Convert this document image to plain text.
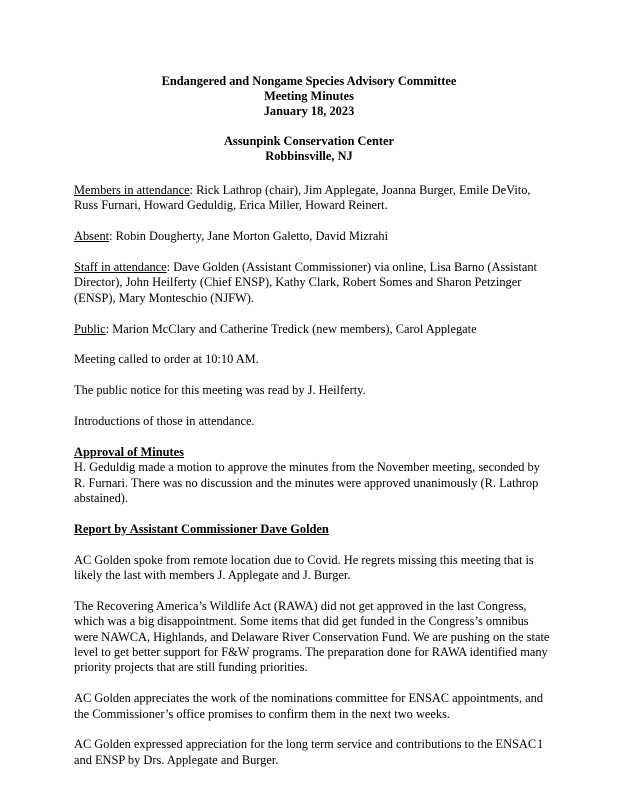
Endangered and Nongame Species Advisory Committee
Meeting Minutes
January 18, 2023
Assunpink Conservation Center
Robbinsville, NJ

Members in attendance: Rick Lathrop (chair), Jim Applegate, Joanna Burger, Emile DeVito, Russ Furnari, Howard Geduldig, Erica Miller, Howard Reinert.

Absent: Robin Dougherty, Jane Morton Galetto, David Mizrahi

Staff in attendance: Dave Golden (Assistant Commissioner) via online, Lisa Barno (Assistant Director), John Heilferty (Chief ENSP), Kathy Clark, Robert Somes and Sharon Petzinger (ENSP), Mary Monteschio (NJFW).

Public: Marion McClary and Catherine Tredick (new members), Carol Applegate

Meeting called to order at 10:10 AM.

The public notice for this meeting was read by J. Heilferty.

Introductions of those in attendance.

Approval of Minutes

H. Geduldig made a motion to approve the minutes from the November meeting, seconded by R. Furnari. There was no discussion and the minutes were approved unanimously (R. Lathrop abstained).

Report by Assistant Commissioner Dave Golden

AC Golden spoke from remote location due to Covid. He regrets missing this meeting that is likely the last with members J. Applegate and J. Burger.

The Recovering America’s Wildlife Act (RAWA) did not get approved in the last Congress, which was a big disappointment. Some items that did get funded in the Congress’s omnibus were NAWCA, Highlands, and Delaware River Conservation Fund. We are pushing on the state level to get better support for F&W programs. The preparation done for RAWA identified many priority projects that are still funding priorities.

AC Golden appreciates the work of the nominations committee for ENSAC appointments, and the Commissioner’s office promises to confirm them in the next two weeks.

AC Golden expressed appreciation for the long term service and contributions to the ENSAC and ENSP by Drs. Applegate and Burger.

1
